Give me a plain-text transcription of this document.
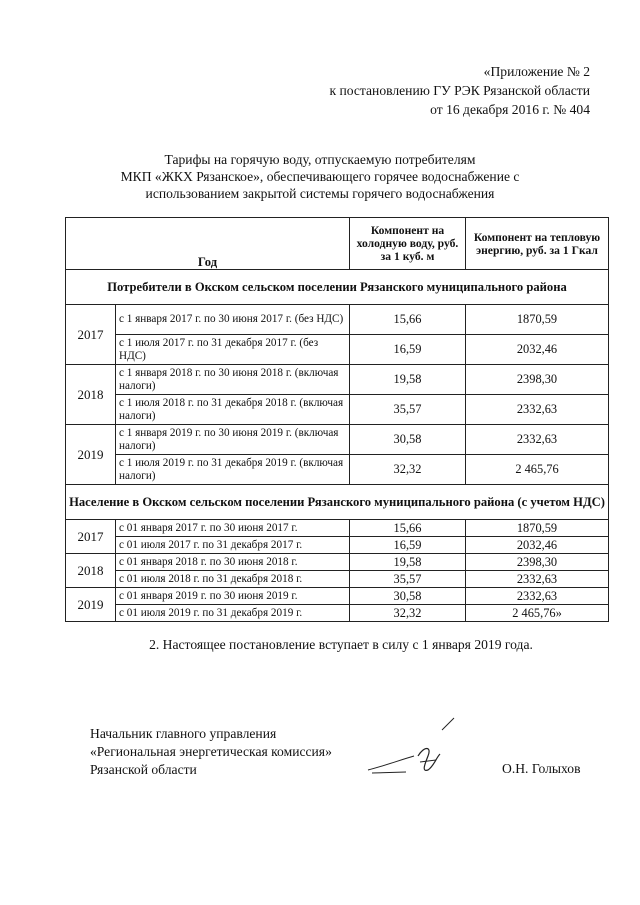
«Приложение № 2
к постановлению ГУ РЭК Рязанской области
от 16 декабря 2016 г. № 404
Тарифы на горячую воду, отпускаемую потребителям
МКП «ЖКХ Рязанское», обеспечивающего горячее водоснабжение с
использованием закрытой системы горячего водоснабжения
Год		Компонент на холодную воду, руб. за 1 куб. м	Компонент на тепловую энергию, руб. за 1 Гкал
Потребители в Окском сельском поселении Рязанского муниципального района			
2017	с 1 января 2017 г. по 30 июня 2017 г. (без НДС)	15,66	1870,59
	с 1 июля 2017 г. по 31 декабря 2017 г. (без НДС)	16,59	2032,46
2018	с 1 января 2018 г. по 30 июня 2018 г. (включая налоги)	19,58	2398,30
	с 1 июля 2018 г. по 31 декабря 2018 г. (включая налоги)	35,57	2332,63
2019	с 1 января 2019 г. по 30 июня 2019 г. (включая налоги)	30,58	2332,63
	с 1 июля 2019 г. по 31 декабря 2019 г. (включая налоги)	32,32	2 465,76
Население в Окском сельском поселении Рязанского муниципального района (с учетом НДС)			
2017	с 01 января 2017 г. по 30 июня 2017 г.	15,66	1870,59
	с 01 июля 2017 г. по 31 декабря 2017 г.	16,59	2032,46
2018	с 01 января 2018 г. по 30 июня 2018 г.	19,58	2398,30
	с 01 июля 2018 г. по 31 декабря 2018 г.	35,57	2332,63
2019	с 01 января 2019 г. по 30 июня 2019 г.	30,58	2332,63
	с 01 июля 2019 г. по 31 декабря 2019 г.	32,32	2 465,76»
2. Настоящее постановление вступает в силу с 1 января 2019 года.
Начальник главного управления
«Региональная энергетическая комиссия»
Рязанской области	О.Н. Голыхов
